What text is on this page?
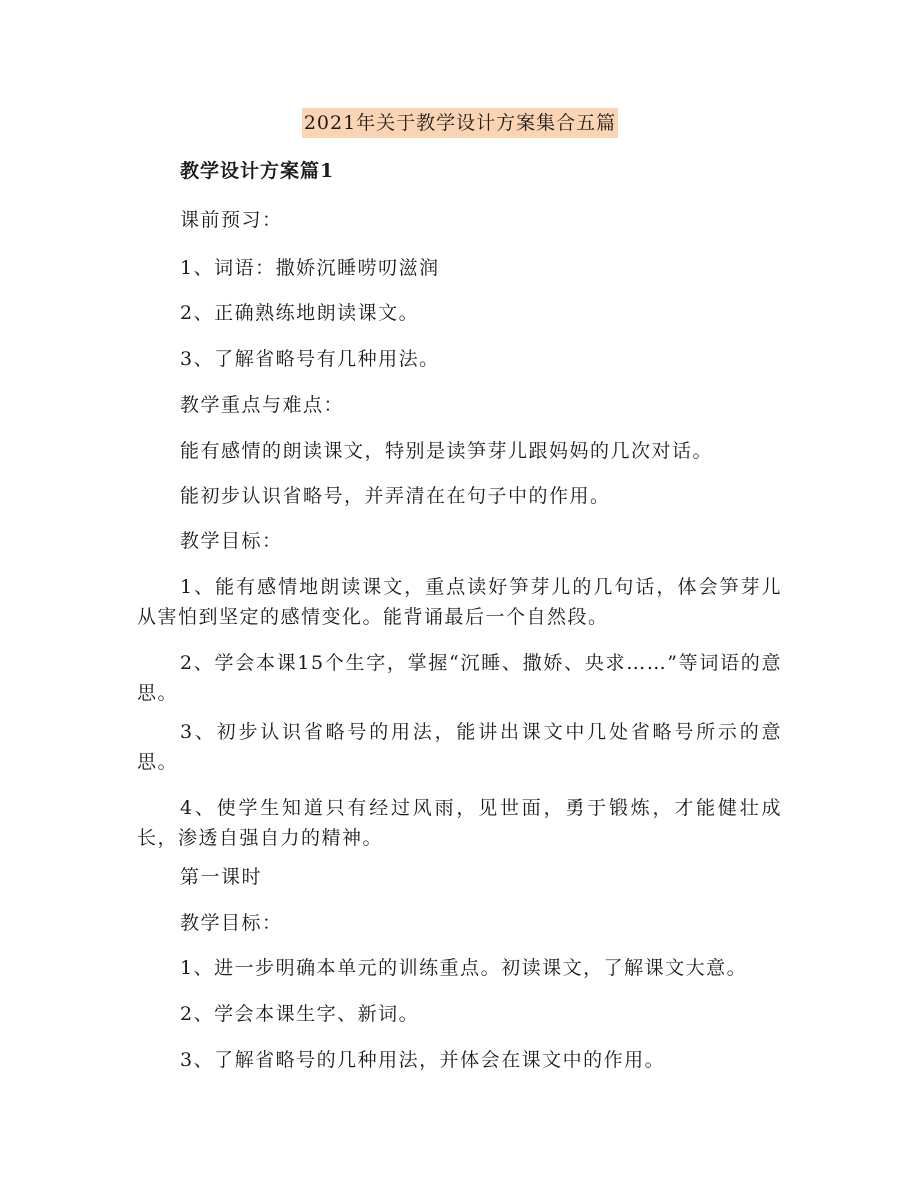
2021年关于教学设计方案集合五篇
教学设计方案篇1
课前预习：
1、词语：撒娇沉睡唠叨滋润
2、正确熟练地朗读课文。
3、了解省略号有几种用法。
教学重点与难点：
能有感情的朗读课文，特别是读笋芽儿跟妈妈的几次对话。
能初步认识省略号，并弄清在在句子中的作用。
教学目标：
1、能有感情地朗读课文，重点读好笋芽儿的几句话，体会笋芽儿从害怕到坚定的感情变化。能背诵最后一个自然段。
2、学会本课15个生字，掌握“沉睡、撒娇、央求……”等词语的意思。
3、初步认识省略号的用法，能讲出课文中几处省略号所示的意思。
4、使学生知道只有经过风雨，见世面，勇于锻炼，才能健壮成长，渗透自强自力的精神。
第一课时
教学目标：
1、进一步明确本单元的训练重点。初读课文，了解课文大意。
2、学会本课生字、新词。
3、了解省略号的几种用法，并体会在课文中的作用。
